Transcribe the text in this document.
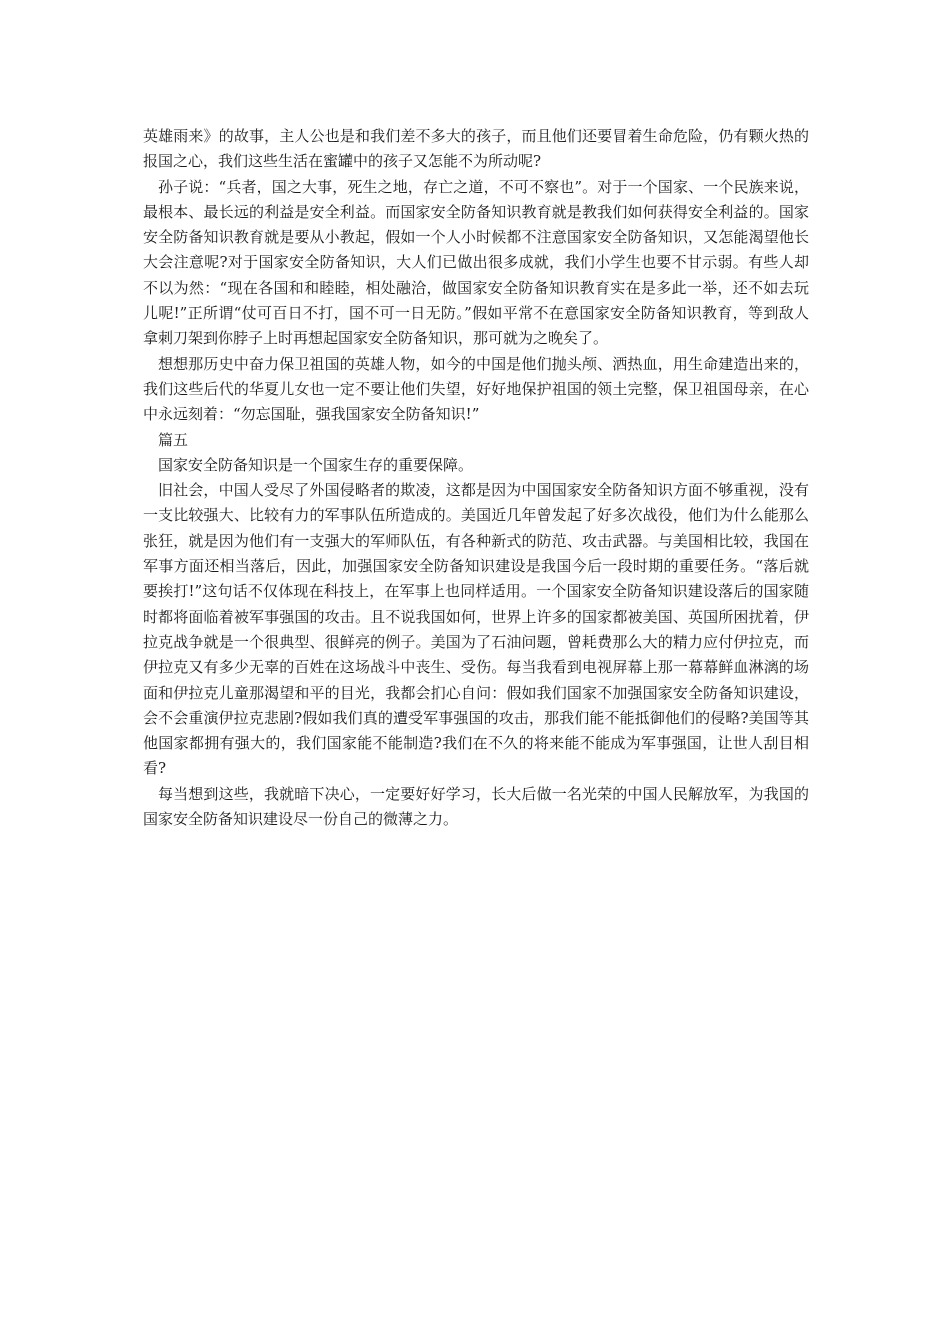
英雄雨来》的故事，主人公也是和我们差不多大的孩子，而且他们还要冒着生命危险，仍有颗火热的报国之心，我们这些生活在蜜罐中的孩子又怎能不为所动呢?

孙子说：“兵者，国之大事，死生之地，存亡之道，不可不察也”。对于一个国家、一个民族来说，最根本、最长远的利益是安全利益。而国家安全防备知识教育就是教我们如何获得安全利益的。国家安全防备知识教育就是要从小教起，假如一个人小时候都不注意国家安全防备知识，又怎能渴望他长大会注意呢?对于国家安全防备知识，大人们已做出很多成就，我们小学生也要不甘示弱。有些人却不以为然：“现在各国和和睦睦，相处融洽，做国家安全防备知识教育实在是多此一举，还不如去玩儿呢!”正所谓“仗可百日不打，国不可一日无防。”假如平常不在意国家安全防备知识教育，等到敌人拿刺刀架到你脖子上时再想起国家安全防备知识，那可就为之晚矣了。

想想那历史中奋力保卫祖国的英雄人物，如今的中国是他们抛头颅、洒热血，用生命建造出来的，我们这些后代的华夏儿女也一定不要让他们失望，好好地保护祖国的领土完整，保卫祖国母亲，在心中永远刻着：“勿忘国耻，强我国家安全防备知识!”

篇五

国家安全防备知识是一个国家生存的重要保障。

旧社会，中国人受尽了外国侵略者的欺凌，这都是因为中国国家安全防备知识方面不够重视，没有一支比较强大、比较有力的军事队伍所造成的。美国近几年曾发起了好多次战役，他们为什么能那么张狂，就是因为他们有一支强大的军师队伍，有各种新式的防范、攻击武器。与美国相比较，我国在军事方面还相当落后，因此，加强国家安全防备知识建设是我国今后一段时期的重要任务。“落后就要挨打!”这句话不仅体现在科技上，在军事上也同样适用。一个国家安全防备知识建设落后的国家随时都将面临着被军事强国的攻击。且不说我国如何，世界上许多的国家都被美国、英国所困扰着，伊拉克战争就是一个很典型、很鲜亮的例子。美国为了石油问题，曾耗费那么大的精力应付伊拉克，而伊拉克又有多少无辜的百姓在这场战斗中丧生、受伤。每当我看到电视屏幕上那一幕幕鲜血淋漓的场面和伊拉克儿童那渴望和平的目光，我都会扪心自问：假如我们国家不加强国家安全防备知识建设，会不会重演伊拉克悲剧?假如我们真的遭受军事强国的攻击，那我们能不能抵御他们的侵略?美国等其他国家都拥有强大的，我们国家能不能制造?我们在不久的将来能不能成为军事强国，让世人刮目相看?

每当想到这些，我就暗下决心，一定要好好学习，长大后做一名光荣的中国人民解放军，为我国的国家安全防备知识建设尽一份自己的微薄之力。
